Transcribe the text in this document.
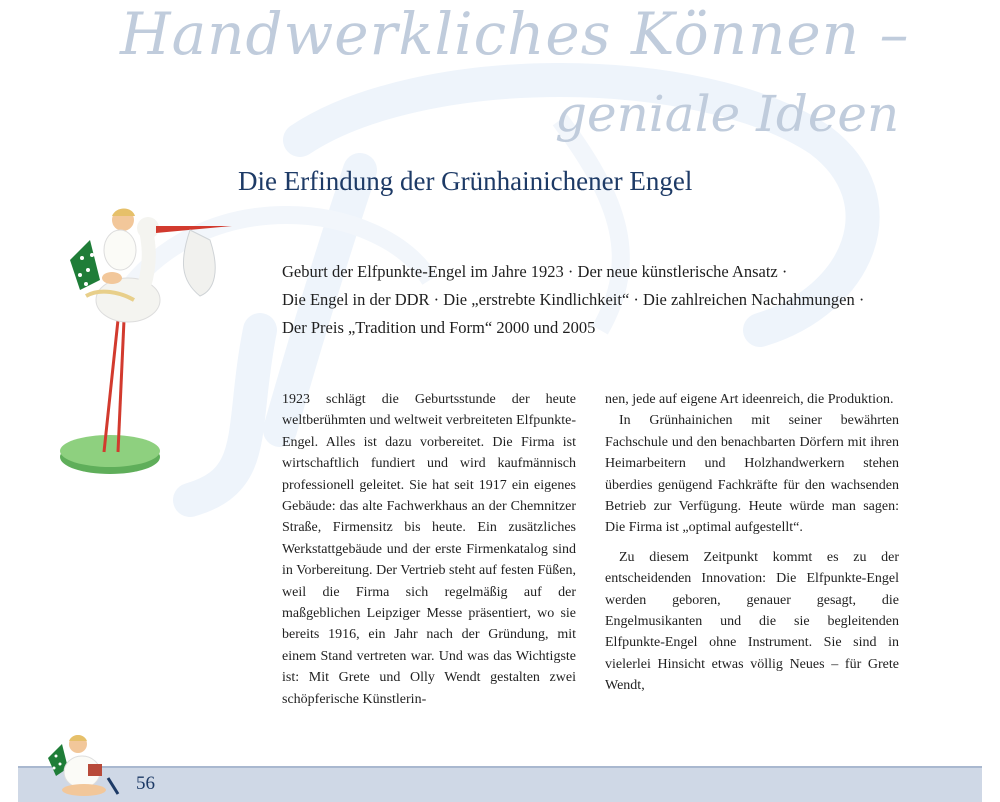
Handwerkliches Können –
geniale Ideen
Die Erfindung der Grünhainichener Engel
Geburt der Elfpunkte-Engel im Jahre 1923 · Der neue künstlerische Ansatz ·
Die Engel in der DDR · Die „erstrebte Kindlichkeit“ · Die zahlreichen Nachahmungen ·
Der Preis „Tradition und Form“ 2000 und 2005

1923 schlägt die Geburtsstunde der heute weltberühmten und weltweit verbreiteten Elfpunkte-Engel. Alles ist dazu vorbereitet. Die Firma ist wirtschaftlich fundiert und wird kaufmännisch professionell geleitet. Sie hat seit 1917 ein eigenes Gebäude: das alte Fachwerkhaus an der Chemnitzer Straße, Firmensitz bis heute. Ein zusätzliches Werkstattgebäude und der erste Firmenkatalog sind in Vorbereitung. Der Vertrieb steht auf festen Füßen, weil die Firma sich regelmäßig auf der maßgeblichen Leipziger Messe präsentiert, wo sie bereits 1916, ein Jahr nach der Gründung, mit einem Stand vertreten war. Und was das Wichtigste ist: Mit Grete und Olly Wendt gestalten zwei schöpferische Künstlerin-

nen, jede auf eigene Art ideenreich, die Produktion.

In Grünhainichen mit seiner bewährten Fachschule und den benachbarten Dörfern mit ihren Heimarbeitern und Holzhandwerkern stehen überdies genügend Fachkräfte für den wachsenden Betrieb zur Verfügung. Heute würde man sagen: Die Firma ist „optimal aufgestellt“.

Zu diesem Zeitpunkt kommt es zu der entscheidenden Innovation: Die Elfpunkte-Engel werden geboren, genauer gesagt, die Engelmusikanten und die sie begleitenden Elfpunkte-Engel ohne Instrument. Sie sind in vielerlei Hinsicht etwas völlig Neues – für Grete Wendt,

56
